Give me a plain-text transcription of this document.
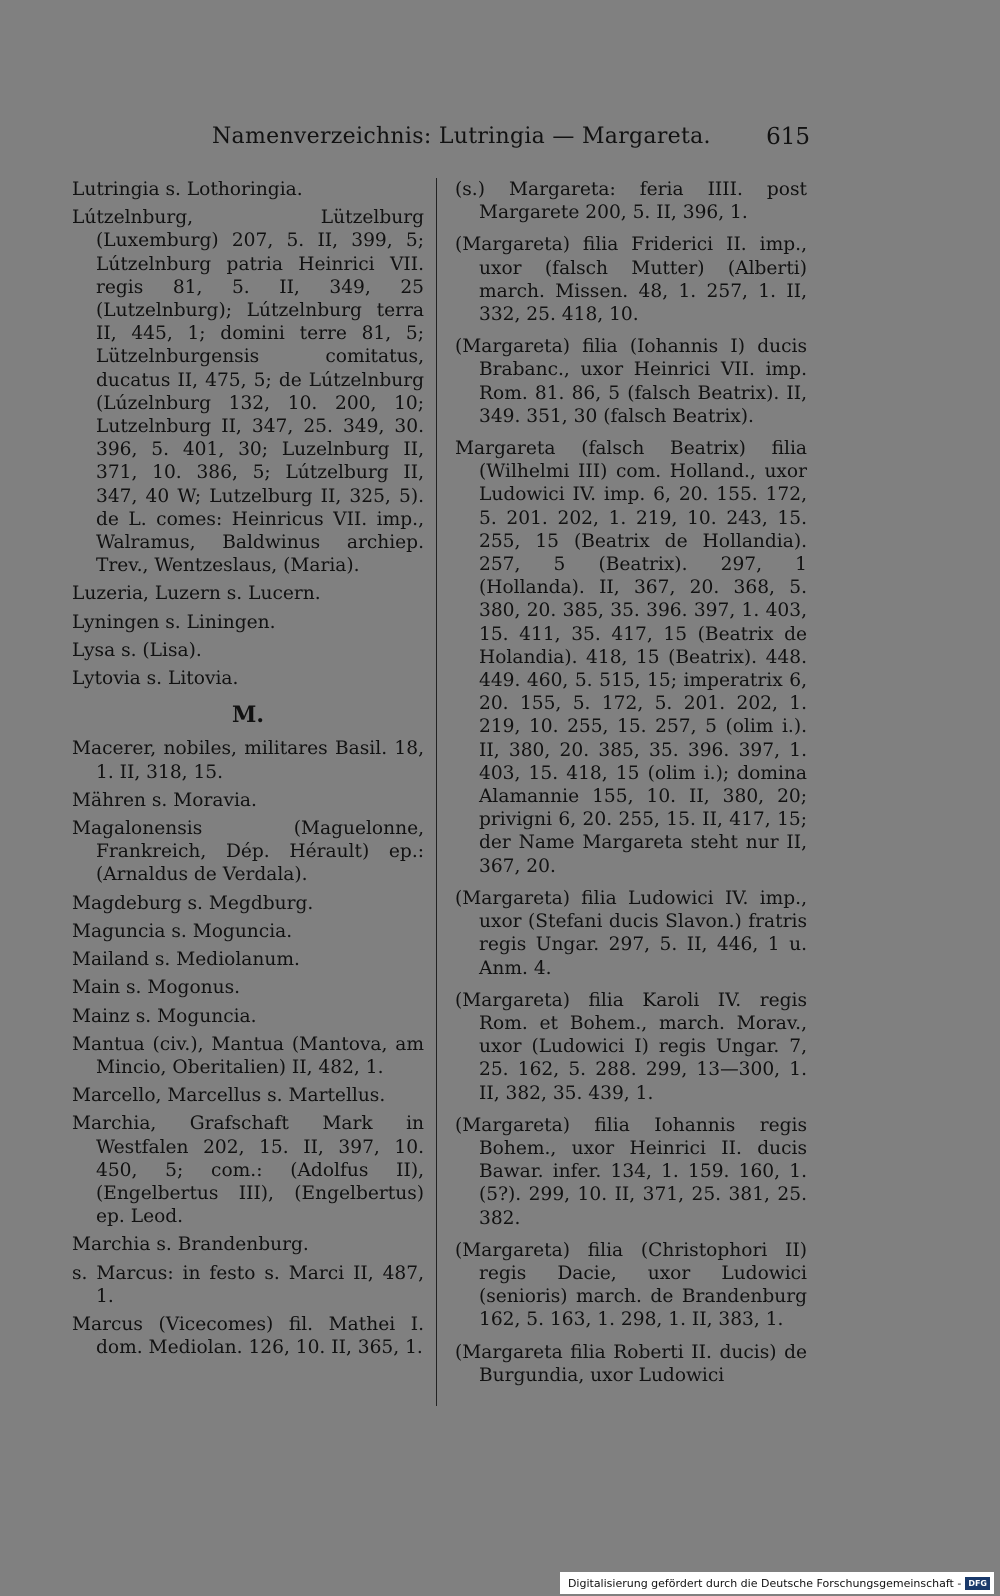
Namenverzeichnis: Lutringia — Margareta. 615
Lutringia s. Lothoringia.
Lútzelnburg, Lützelburg (Luxemburg) 207, 5. II, 399, 5; Lútzelnburg patria Heinrici VII. regis 81, 5. II, 349, 25 (Lutzelnburg); Lútzelnburg terra II, 445, 1; domini terre 81, 5; Lützelnburgensis comitatus, ducatus II, 475, 5; de Lútzelnburg (Lúzelnburg 132, 10. 200, 10; Lutzelnburg II, 347, 25. 349, 30. 396, 5. 401, 30; Luzelnburg II, 371, 10. 386, 5; Lútzelburg II, 347, 40 W; Lutzelburg II, 325, 5). de L. comes: Heinricus VII. imp., Walramus, Baldwinus archiep. Trev., Wentzeslaus, (Maria).
Luzeria, Luzern s. Lucern.
Lyningen s. Liningen.
Lysa s. (Lisa).
Lytovia s. Litovia.
M.
Macerer, nobiles, militares Basil. 18, 1. II, 318, 15.
Mähren s. Moravia.
Magalonensis (Maguelonne, Frankreich, Dép. Hérault) ep.: (Arnaldus de Verdala).
Magdeburg s. Megdburg.
Maguncia s. Moguncia.
Mailand s. Mediolanum.
Main s. Mogonus.
Mainz s. Moguncia.
Mantua (civ.), Mantua (Mantova, am Mincio, Oberitalien) II, 482, 1.
Marcello, Marcellus s. Martellus.
Marchia, Grafschaft Mark in Westfalen 202, 15. II, 397, 10. 450, 5; com.: (Adolfus II), (Engelbertus III), (Engelbertus) ep. Leod.
Marchia s. Brandenburg.
s. Marcus: in festo s. Marci II, 487, 1.
Marcus (Vicecomes) fil. Mathei I. dom. Mediolan. 126, 10. II, 365, 1.
(s.) Margareta: feria IIII. post Margarete 200, 5. II, 396, 1.
(Margareta) filia Friderici II. imp., uxor (falsch Mutter) (Alberti) march. Missen. 48, 1. 257, 1. II, 332, 25. 418, 10.
(Margareta) filia (Iohannis I) ducis Brabanc., uxor Heinrici VII. imp. Rom. 81. 86, 5 (falsch Beatrix). II, 349. 351, 30 (falsch Beatrix).
Margareta (falsch Beatrix) filia (Wilhelmi III) com. Holland., uxor Ludowici IV. imp. 6, 20. 155. 172, 5. 201. 202, 1. 219, 10. 243, 15. 255, 15 (Beatrix de Hollandia). 257, 5 (Beatrix). 297, 1 (Hollanda). II, 367, 20. 368, 5. 380, 20. 385, 35. 396. 397, 1. 403, 15. 411, 35. 417, 15 (Beatrix de Holandia). 418, 15 (Beatrix). 448. 449. 460, 5. 515, 15; imperatrix 6, 20. 155, 5. 172, 5. 201. 202, 1. 219, 10. 255, 15. 257, 5 (olim i.). II, 380, 20. 385, 35. 396. 397, 1. 403, 15. 418, 15 (olim i.); domina Alamannie 155, 10. II, 380, 20; privigni 6, 20. 255, 15. II, 417, 15; der Name Margareta steht nur II, 367, 20.
(Margareta) filia Ludowici IV. imp., uxor (Stefani ducis Slavon.) fratris regis Ungar. 297, 5. II, 446, 1 u. Anm. 4.
(Margareta) filia Karoli IV. regis Rom. et Bohem., march. Morav., uxor (Ludowici I) regis Ungar. 7, 25. 162, 5. 288. 299, 13—300, 1. II, 382, 35. 439, 1.
(Margareta) filia Iohannis regis Bohem., uxor Heinrici II. ducis Bawar. infer. 134, 1. 159. 160, 1. (5?). 299, 10. II, 371, 25. 381, 25. 382.
(Margareta) filia (Christophori II) regis Dacie, uxor Ludowici (senioris) march. de Brandenburg 162, 5. 163, 1. 298, 1. II, 383, 1.
(Margareta filia Roberti II. ducis) de Burgundia, uxor Ludowici
Digitalisierung gefördert durch die Deutsche Forschungsgemeinschaft - DFG
